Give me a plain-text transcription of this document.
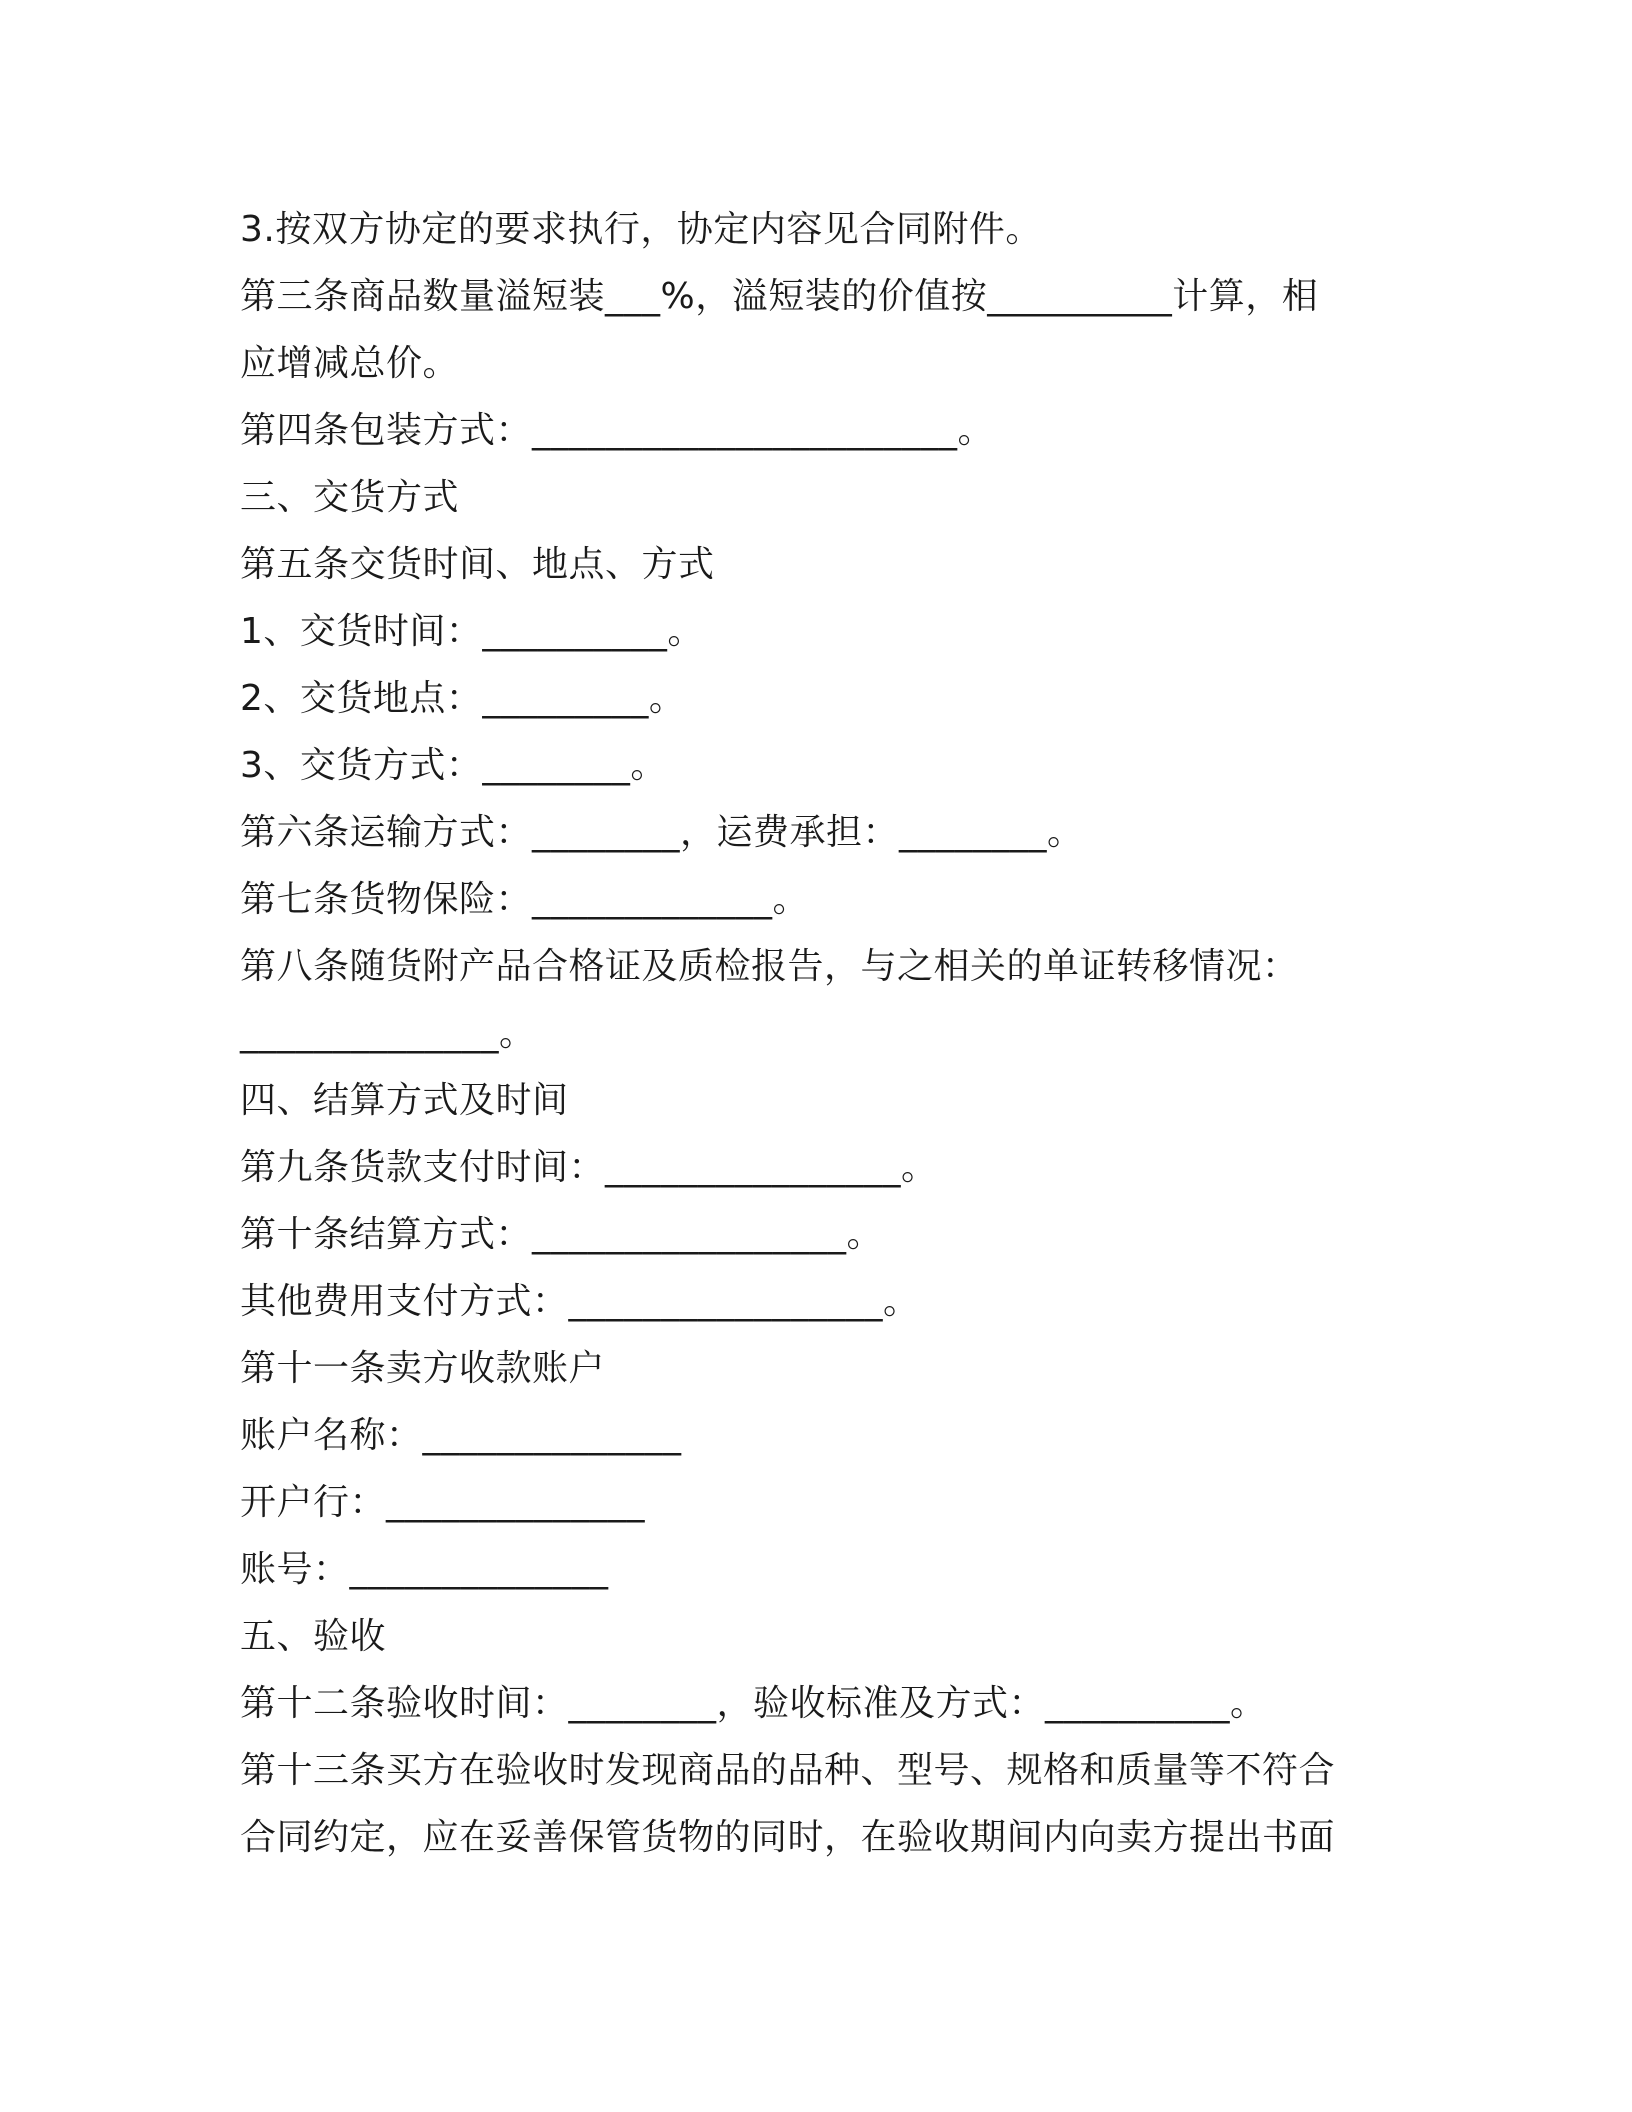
3.按双方协定的要求执行，协定内容见合同附件。
第三条商品数量溢短装___%，溢短装的价值按__________计算，相
应增减总价。
第四条包装方式：_______________________。
三、交货方式
第五条交货时间、地点、方式
1、交货时间：__________。
2、交货地点：_________。
3、交货方式：________。
第六条运输方式：________，运费承担：________。
第七条货物保险：_____________。
第八条随货附产品合格证及质检报告，与之相关的单证转移情况：
______________。
四、结算方式及时间
第九条货款支付时间：________________。
第十条结算方式：_________________。
其他费用支付方式：_________________。
第十一条卖方收款账户
账户名称：______________
开户行：______________
账号：______________
五、验收
第十二条验收时间：________，验收标准及方式：__________。
第十三条买方在验收时发现商品的品种、型号、规格和质量等不符合
合同约定，应在妥善保管货物的同时，在验收期间内向卖方提出书面
